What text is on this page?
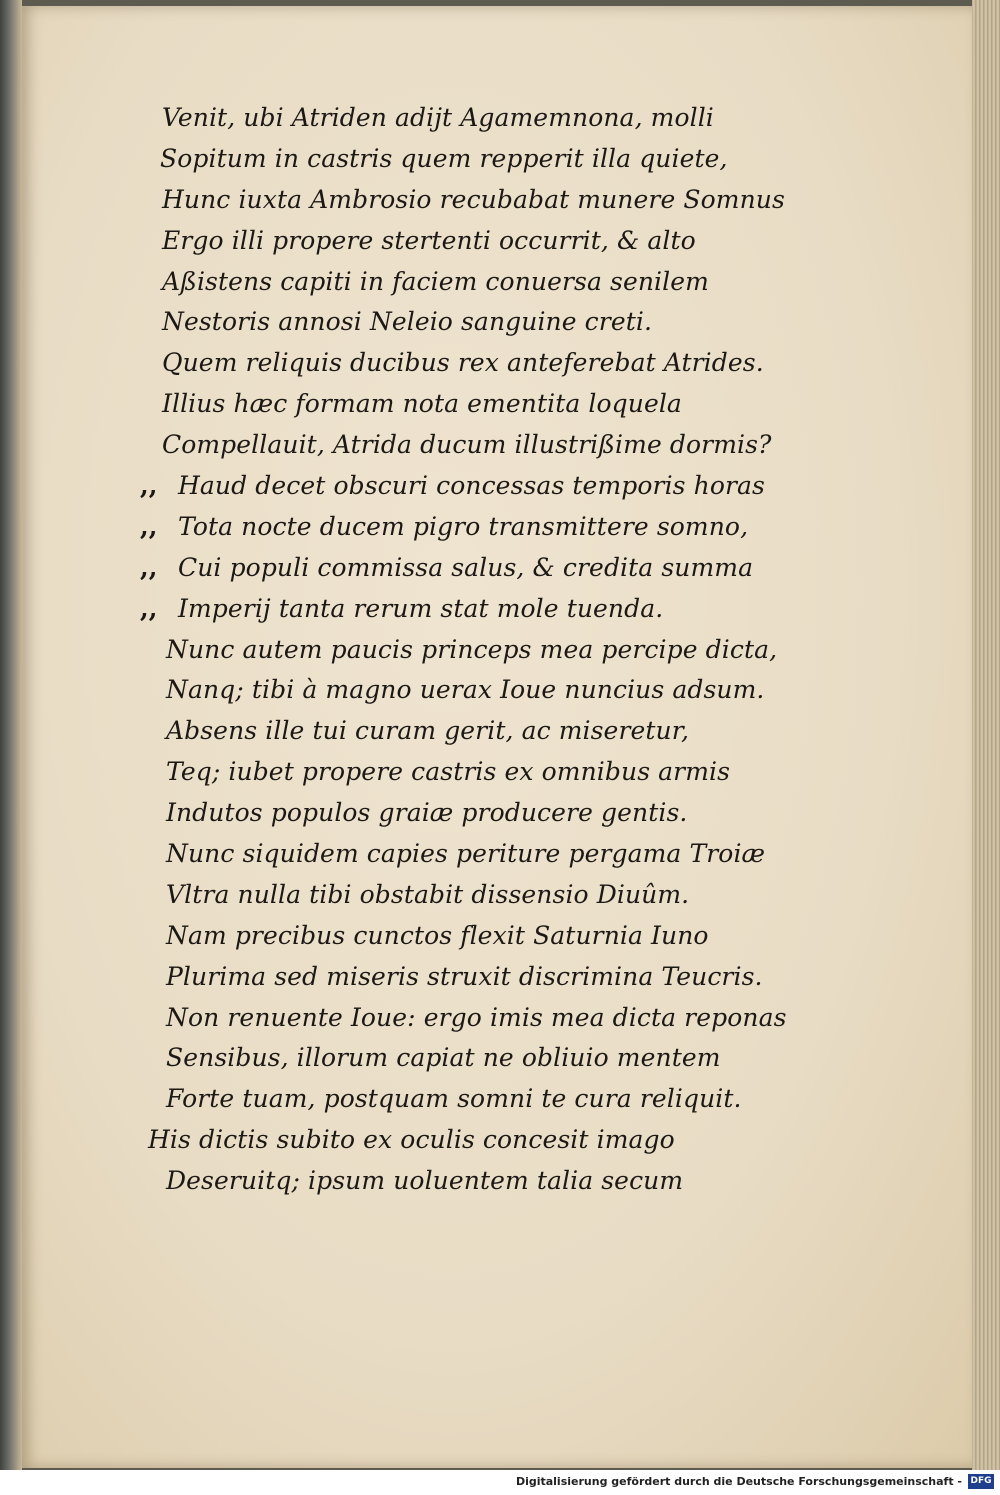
Venit, ubi Atriden adijt Agamemnona, molli
Sopitum in castris quem repperit illa quiete,
Hunc iuxta Ambrosio recubabat munere Somnus
Ergo illi propere stertenti occurrit, & alto
Aßistens capiti in faciem conuersa senilem
Nestoris annosi Neleio sanguine creti.
Quem reliquis ducibus rex anteferebat Atrides.
Illius hæc formam nota ementita loquela
Compellauit, Atrida ducum illustrißime dormis?
,, Haud decet obscuri concessas temporis horas
,, Tota nocte ducem pigro transmittere somno,
,, Cui populi commissa salus, & credita summa
,, Imperij tanta rerum stat mole tuenda.
Nunc autem paucis princeps mea percipe dicta,
Nanq; tibi à magno uerax Ioue nuncius adsum.
Absens ille tui curam gerit, ac miseretur,
Teq; iubet propere castris ex omnibus armis
Indutos populos graiæ producere gentis.
Nunc siquidem capies periture pergama Troiæ
Vltra nulla tibi obstabit dissensio Diuûm.
Nam precibus cunctos flexit Saturnia Iuno
Plurima sed miseris struxit discrimina Teucris.
Non renuente Ioue: ergo imis mea dicta reponas
Sensibus, illorum capiat ne obliuio mentem
Forte tuam, postquam somni te cura reliquit.
His dictis subito ex oculis concesit imago
Deseruitq; ipsum uoluentem talia secum
Digitalisierung gefördert durch die Deutsche Forschungsgemeinschaft - DFG
